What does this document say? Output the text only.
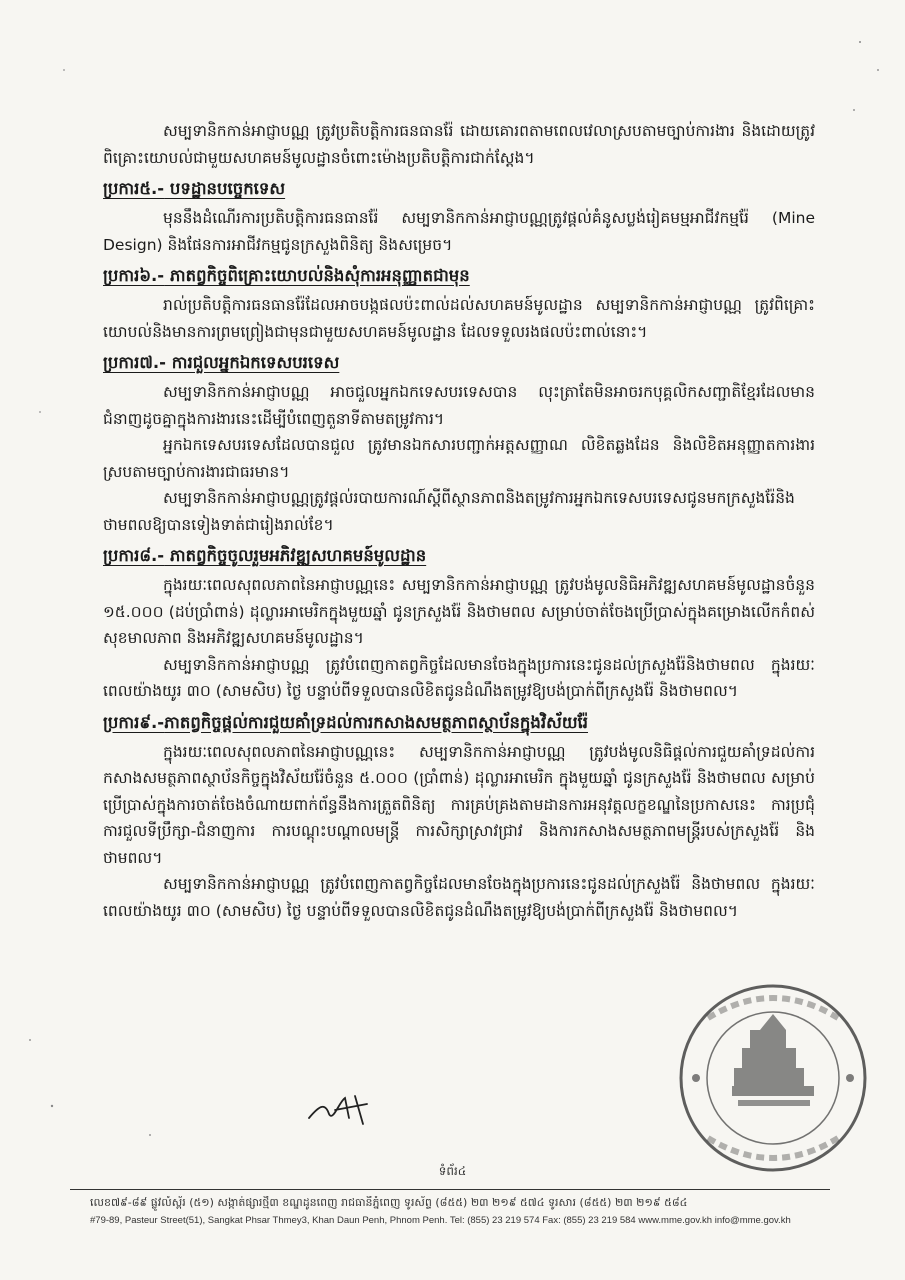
សម្បទានិកកាន់អាជ្ញាបណ្ណ ត្រូវប្រតិបត្តិការធនធានរ៉ែ ដោយគោរពតាមពេលវេលាស្របតាមច្បាប់ការងារ និងដោយត្រូវពិគ្រោះយោបល់ជាមួយសហគមន៍មូលដ្ឋានចំពោះម៉ោងប្រតិបត្តិការជាក់ស្ដែង។

ប្រការ៥.- បទដ្ឋានបច្ចេកទេស

មុននឹងដំណើរការប្រតិបត្តិការធនធានរ៉ែ សម្បទានិកកាន់អាជ្ញាបណ្ណត្រូវផ្ដល់គំនូសប្លង់រៀគមម្មអាជីវកម្មរ៉ែ (Mine Design) និងផែនការអាជីវកម្មជូនក្រសួងពិនិត្យ និងសម្រេច។

ប្រការ៦.- ភាតព្វកិច្ចពិគ្រោះយោបល់និងសុំការអនុញ្ញាតជាមុន

រាល់ប្រតិបត្តិការធនធានរ៉ែដែលអាចបង្កផលប៉ះពាល់ដល់សហគមន៍មូលដ្ឋាន សម្បទានិកកាន់អាជ្ញាបណ្ណ ត្រូវពិគ្រោះយោបល់និងមានការព្រមព្រៀងជាមុនជាមួយសហគមន៍មូលដ្ឋាន ដែលទទួលរងផលប៉ះពាល់នោះ។

ប្រការ៧.- ការជួលអ្នកឯកទេសបរទេស

សម្បទានិកកាន់អាជ្ញាបណ្ណ អាចជួលអ្នកឯកទេសបរទេសបាន លុះត្រាតែមិនអាចរកបុគ្គលិកសញ្ជាតិខ្មែរដែលមានជំនាញដូចគ្នាក្នុងការងារនេះដើម្បីបំពេញតួនាទីតាមតម្រូវការ។

អ្នកឯកទេសបរទេសដែលបានជួល ត្រូវមានឯកសារបញ្ជាក់អត្តសញ្ញាណ លិខិតឆ្លងដែន និងលិខិតអនុញ្ញាតការងារស្របតាមច្បាប់ការងារជាធរមាន។

សម្បទានិកកាន់អាជ្ញាបណ្ណត្រូវផ្ដល់របាយការណ៍ស្ដីពីស្ថានភាពនិងតម្រូវការអ្នកឯកទេសបរទេសជូនមកក្រសួងរ៉ែនិងថាមពលឱ្យបានទៀងទាត់ជារៀងរាល់ខែ។

ប្រការ៨.- ភាតព្វកិច្ចចូលរួមអភិវឌ្ឍសហគមន៍មូលដ្ឋាន

ក្នុងរយៈពេលសុពលភាពនៃអាជ្ញាបណ្ណនេះ សម្បទានិកកាន់អាជ្ញាបណ្ណ ត្រូវបង់មូលនិធិអភិវឌ្ឍសហគមន៍មូលដ្ឋានចំនួន ១៥.០០០ (ដប់ប្រាំពាន់) ដុល្លារអាមេរិកក្នុងមួយឆ្នាំ ជូនក្រសួងរ៉ែ និងថាមពល សម្រាប់ចាត់ចែងប្រើប្រាស់ក្នុងគម្រោងលើកកំពស់សុខមាលភាព និងអភិវឌ្ឍសហគមន៍មូលដ្ឋាន។

សម្បទានិកកាន់អាជ្ញាបណ្ណ ត្រូវបំពេញកាតព្វកិច្ចដែលមានចែងក្នុងប្រការនេះជូនដល់ក្រសួងរ៉ែនិងថាមពល ក្នុងរយៈពេលយ៉ាងយូរ ៣០ (សាមសិប) ថ្ងៃ បន្ទាប់ពីទទួលបានលិខិតជូនដំណឹងតម្រូវឱ្យបង់ប្រាក់ពីក្រសួងរ៉ែ និងថាមពល។

ប្រការ៩.-ភាតព្វកិច្ចផ្ដល់ការជួយគាំទ្រដល់ការកសាងសមត្ថភាពស្ថាប័នក្នុងវិស័យរ៉ែ

ក្នុងរយៈពេលសុពលភាពនៃអាជ្ញាបណ្ណនេះ សម្បទានិកកាន់អាជ្ញាបណ្ណ ត្រូវបង់មូលនិធិផ្ដល់ការជួយគាំទ្រដល់ការកសាងសមត្ថភាពស្ថាប័នកិច្ចក្នុងវិស័យរ៉ែចំនួន ៥.០០០ (ប្រាំពាន់) ដុល្លារអាមេរិក ក្នុងមួយឆ្នាំ ជូនក្រសួងរ៉ែ និងថាមពល សម្រាប់ប្រើប្រាស់ក្នុងការចាត់ចែងចំណាយពាក់ព័ន្ធនឹងការត្រួតពិនិត្យ ការគ្រប់គ្រងតាមដានការអនុវត្តលក្ខខណ្ឌនៃប្រកាសនេះ ការប្រជុំ ការជួលទីប្រឹក្សា-ជំនាញការ ការបណ្ដុះបណ្ដាលមន្ត្រី ការសិក្សាស្រាវជ្រាវ និងការកសាងសមត្ថភាពមន្ត្រីរបស់ក្រសួងរ៉ែ និងថាមពល។

សម្បទានិកកាន់អាជ្ញាបណ្ណ ត្រូវបំពេញកាតព្វកិច្ចដែលមានចែងក្នុងប្រការនេះជូនដល់ក្រសួងរ៉ែ និងថាមពល ក្នុងរយៈពេលយ៉ាងយូរ ៣០ (សាមសិប) ថ្ងៃ បន្ទាប់ពីទទួលបានលិខិតជូនដំណឹងតម្រូវឱ្យបង់ប្រាក់ពីក្រសួងរ៉ែ និងថាមពល។

ទំព័រ៤
លេខ៧៩-៨៩ ផ្លូវលំស្ព័រ (៥១) សង្កាត់ផ្សារថ្មី៣ ខណ្ឌដូនពេញ រាជធានីភ្នំពេញ ទូរស័ព្ទ (៨៥៥) ២៣ ២១៩ ៥៧៤ ទូរសារ (៨៥៥) ២៣ ២១៩ ៥៨៤
#79-89, Pasteur Street(51), Sangkat Phsar Thmey3, Khan Daun Penh, Phnom Penh. Tel: (855) 23 219 574 Fax: (855) 23 219 584 www.mme.gov.kh info@mme.gov.kh
